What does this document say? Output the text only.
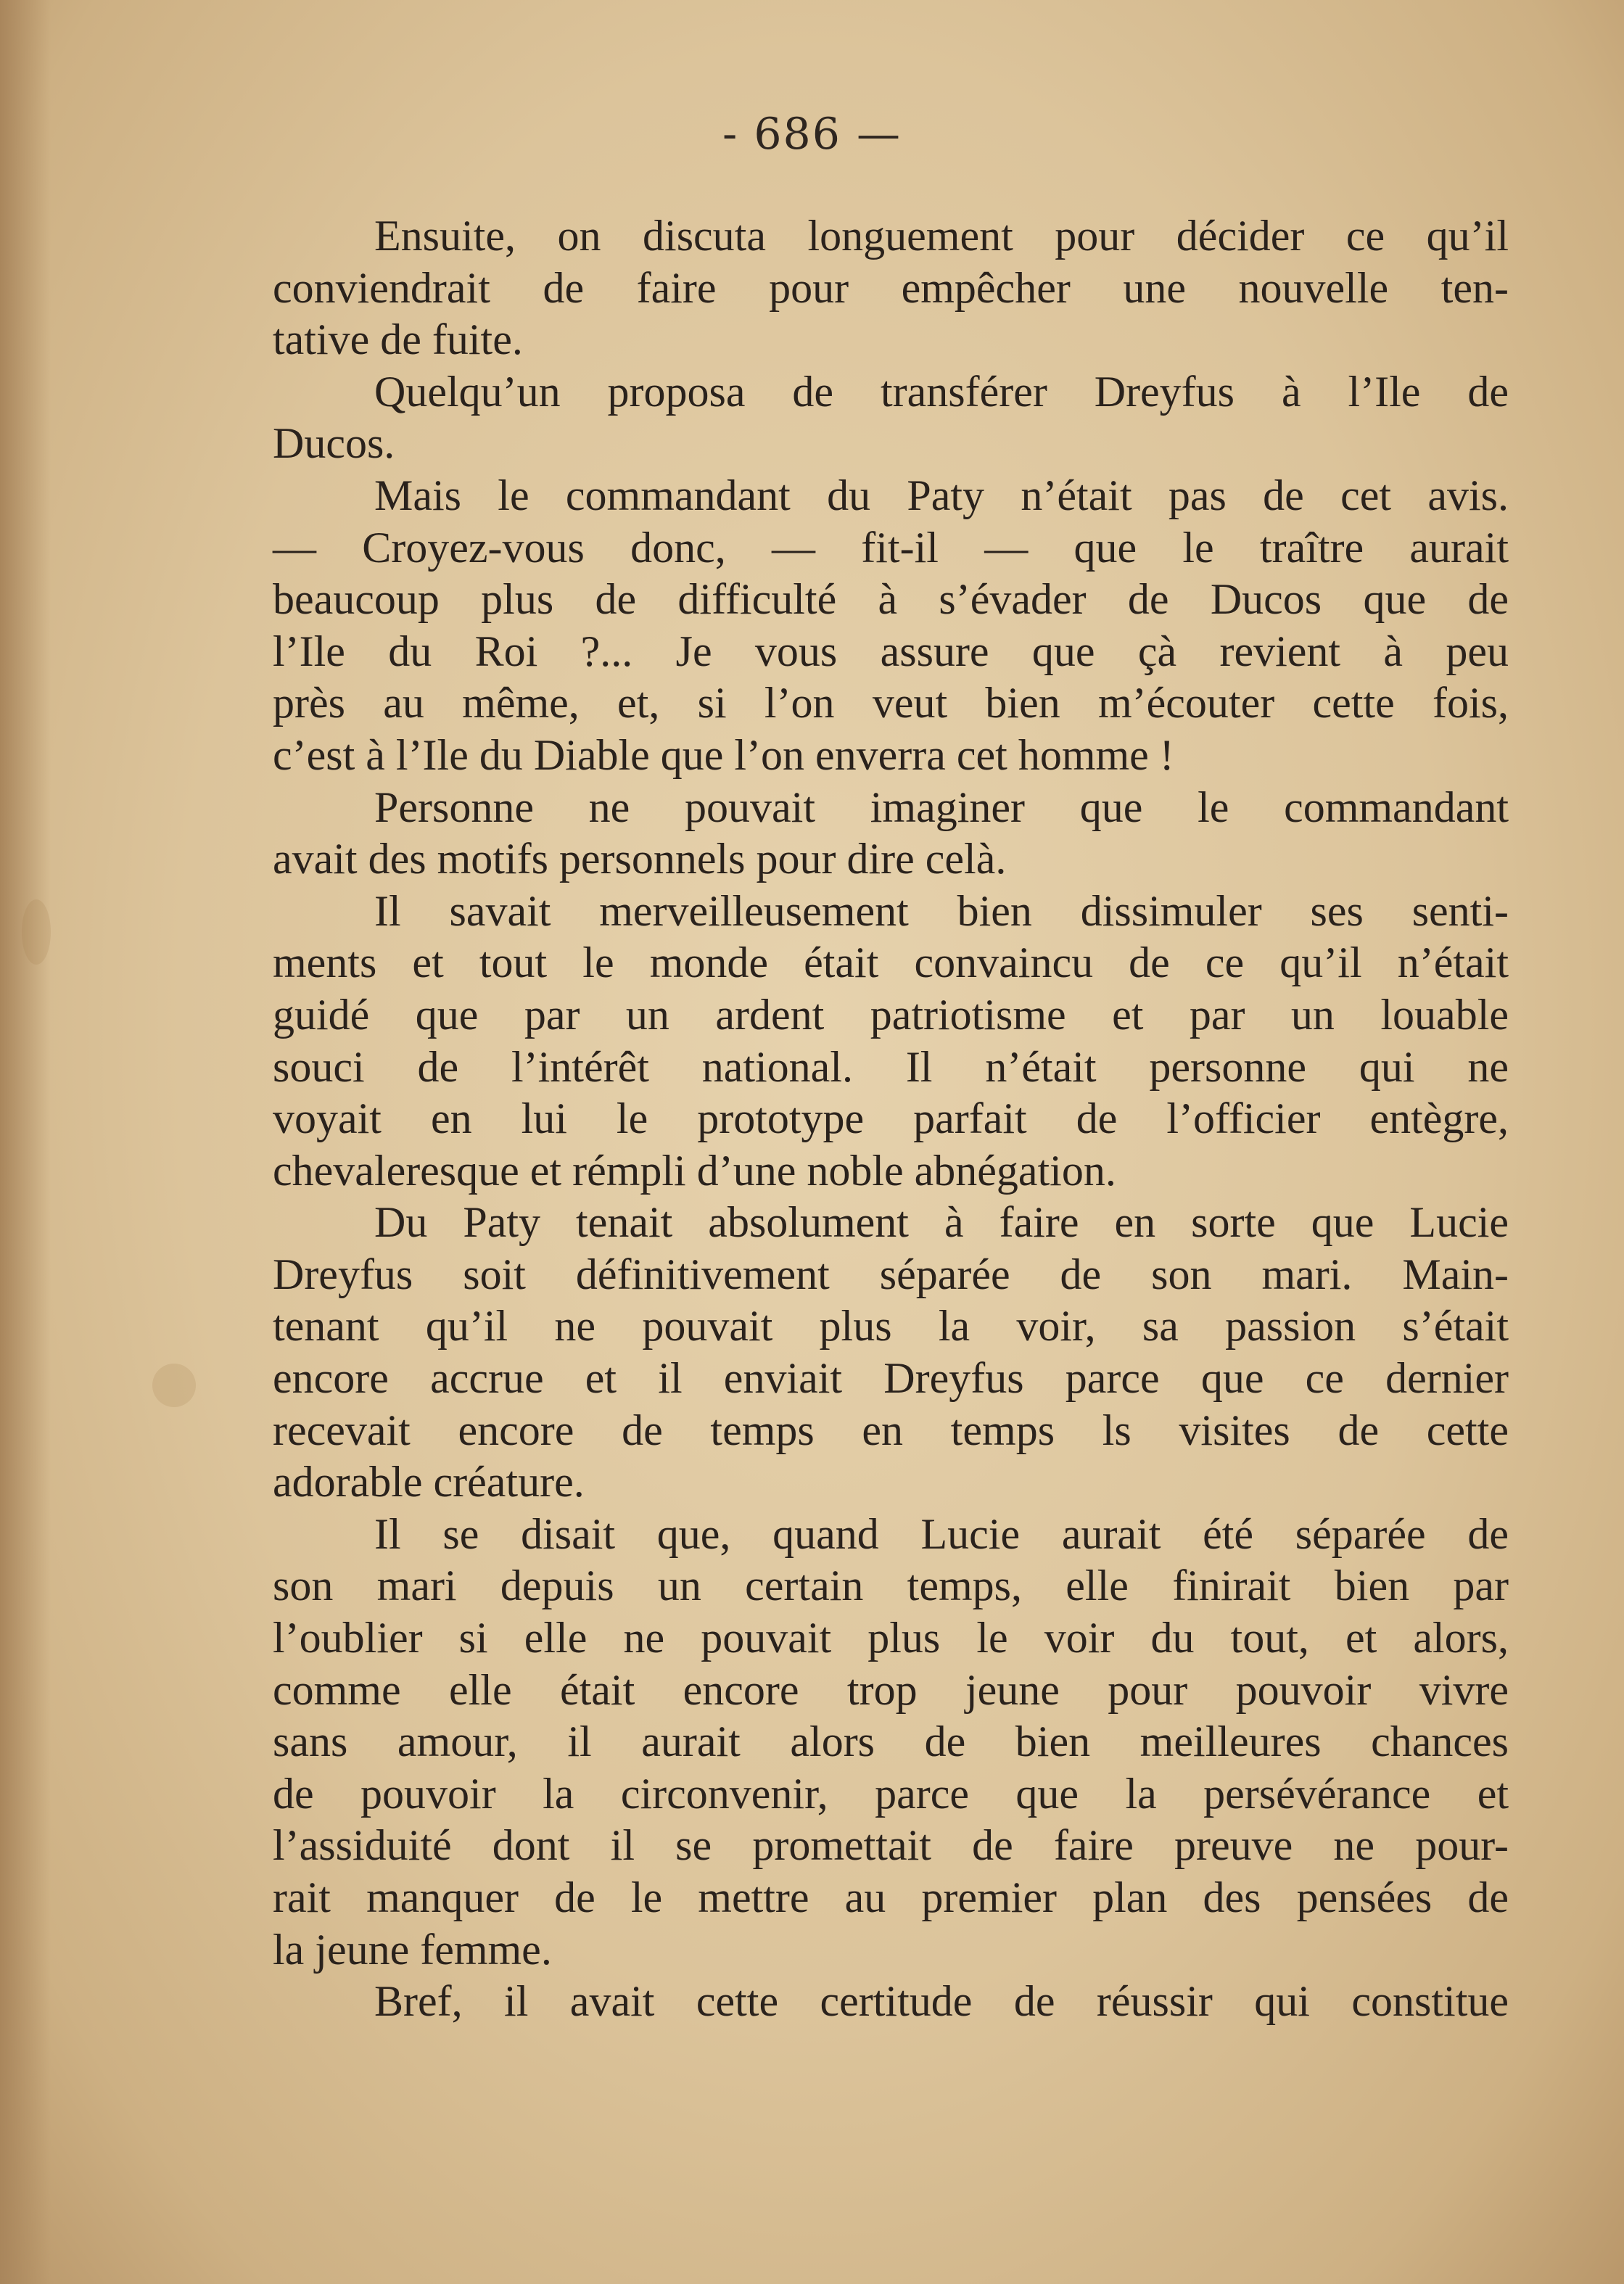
- 686 —
Ensuite, on discuta longuement pour décider ce qu’il
conviendrait de faire pour empêcher une nouvelle ten-
tative de fuite.
Quelqu’un proposa de transférer Dreyfus à l’Ile de
Ducos.
Mais le commandant du Paty n’était pas de cet avis.
— Croyez-vous donc, — fit-il — que le traître aurait
beaucoup plus de difficulté à s’évader de Ducos que de
l’Ile du Roi ?... Je vous assure que çà revient à peu
près au même, et, si l’on veut bien m’écouter cette fois,
c’est à l’Ile du Diable que l’on enverra cet homme !
Personne ne pouvait imaginer que le commandant
avait des motifs personnels pour dire celà.
Il savait merveilleusement bien dissimuler ses senti-
ments et tout le monde était convaincu de ce qu’il n’était
guidé que par un ardent patriotisme et par un louable
souci de l’intérêt national. Il n’était personne qui ne
voyait en lui le prototype parfait de l’officier entègre,
chevaleresque et rémpli d’une noble abnégation.
Du Paty tenait absolument à faire en sorte que Lucie
Dreyfus soit définitivement séparée de son mari. Main-
tenant qu’il ne pouvait plus la voir, sa passion s’était
encore accrue et il enviait Dreyfus parce que ce dernier
recevait encore de temps en temps ls visites de cette
adorable créature.
Il se disait que, quand Lucie aurait été séparée de
son mari depuis un certain temps, elle finirait bien par
l’oublier si elle ne pouvait plus le voir du tout, et alors,
comme elle était encore trop jeune pour pouvoir vivre
sans amour, il aurait alors de bien meilleures chances
de pouvoir la circonvenir, parce que la persévérance et
l’assiduité dont il se promettait de faire preuve ne pour-
rait manquer de le mettre au premier plan des pensées de
la jeune femme.
Bref, il avait cette certitude de réussir qui constitue
